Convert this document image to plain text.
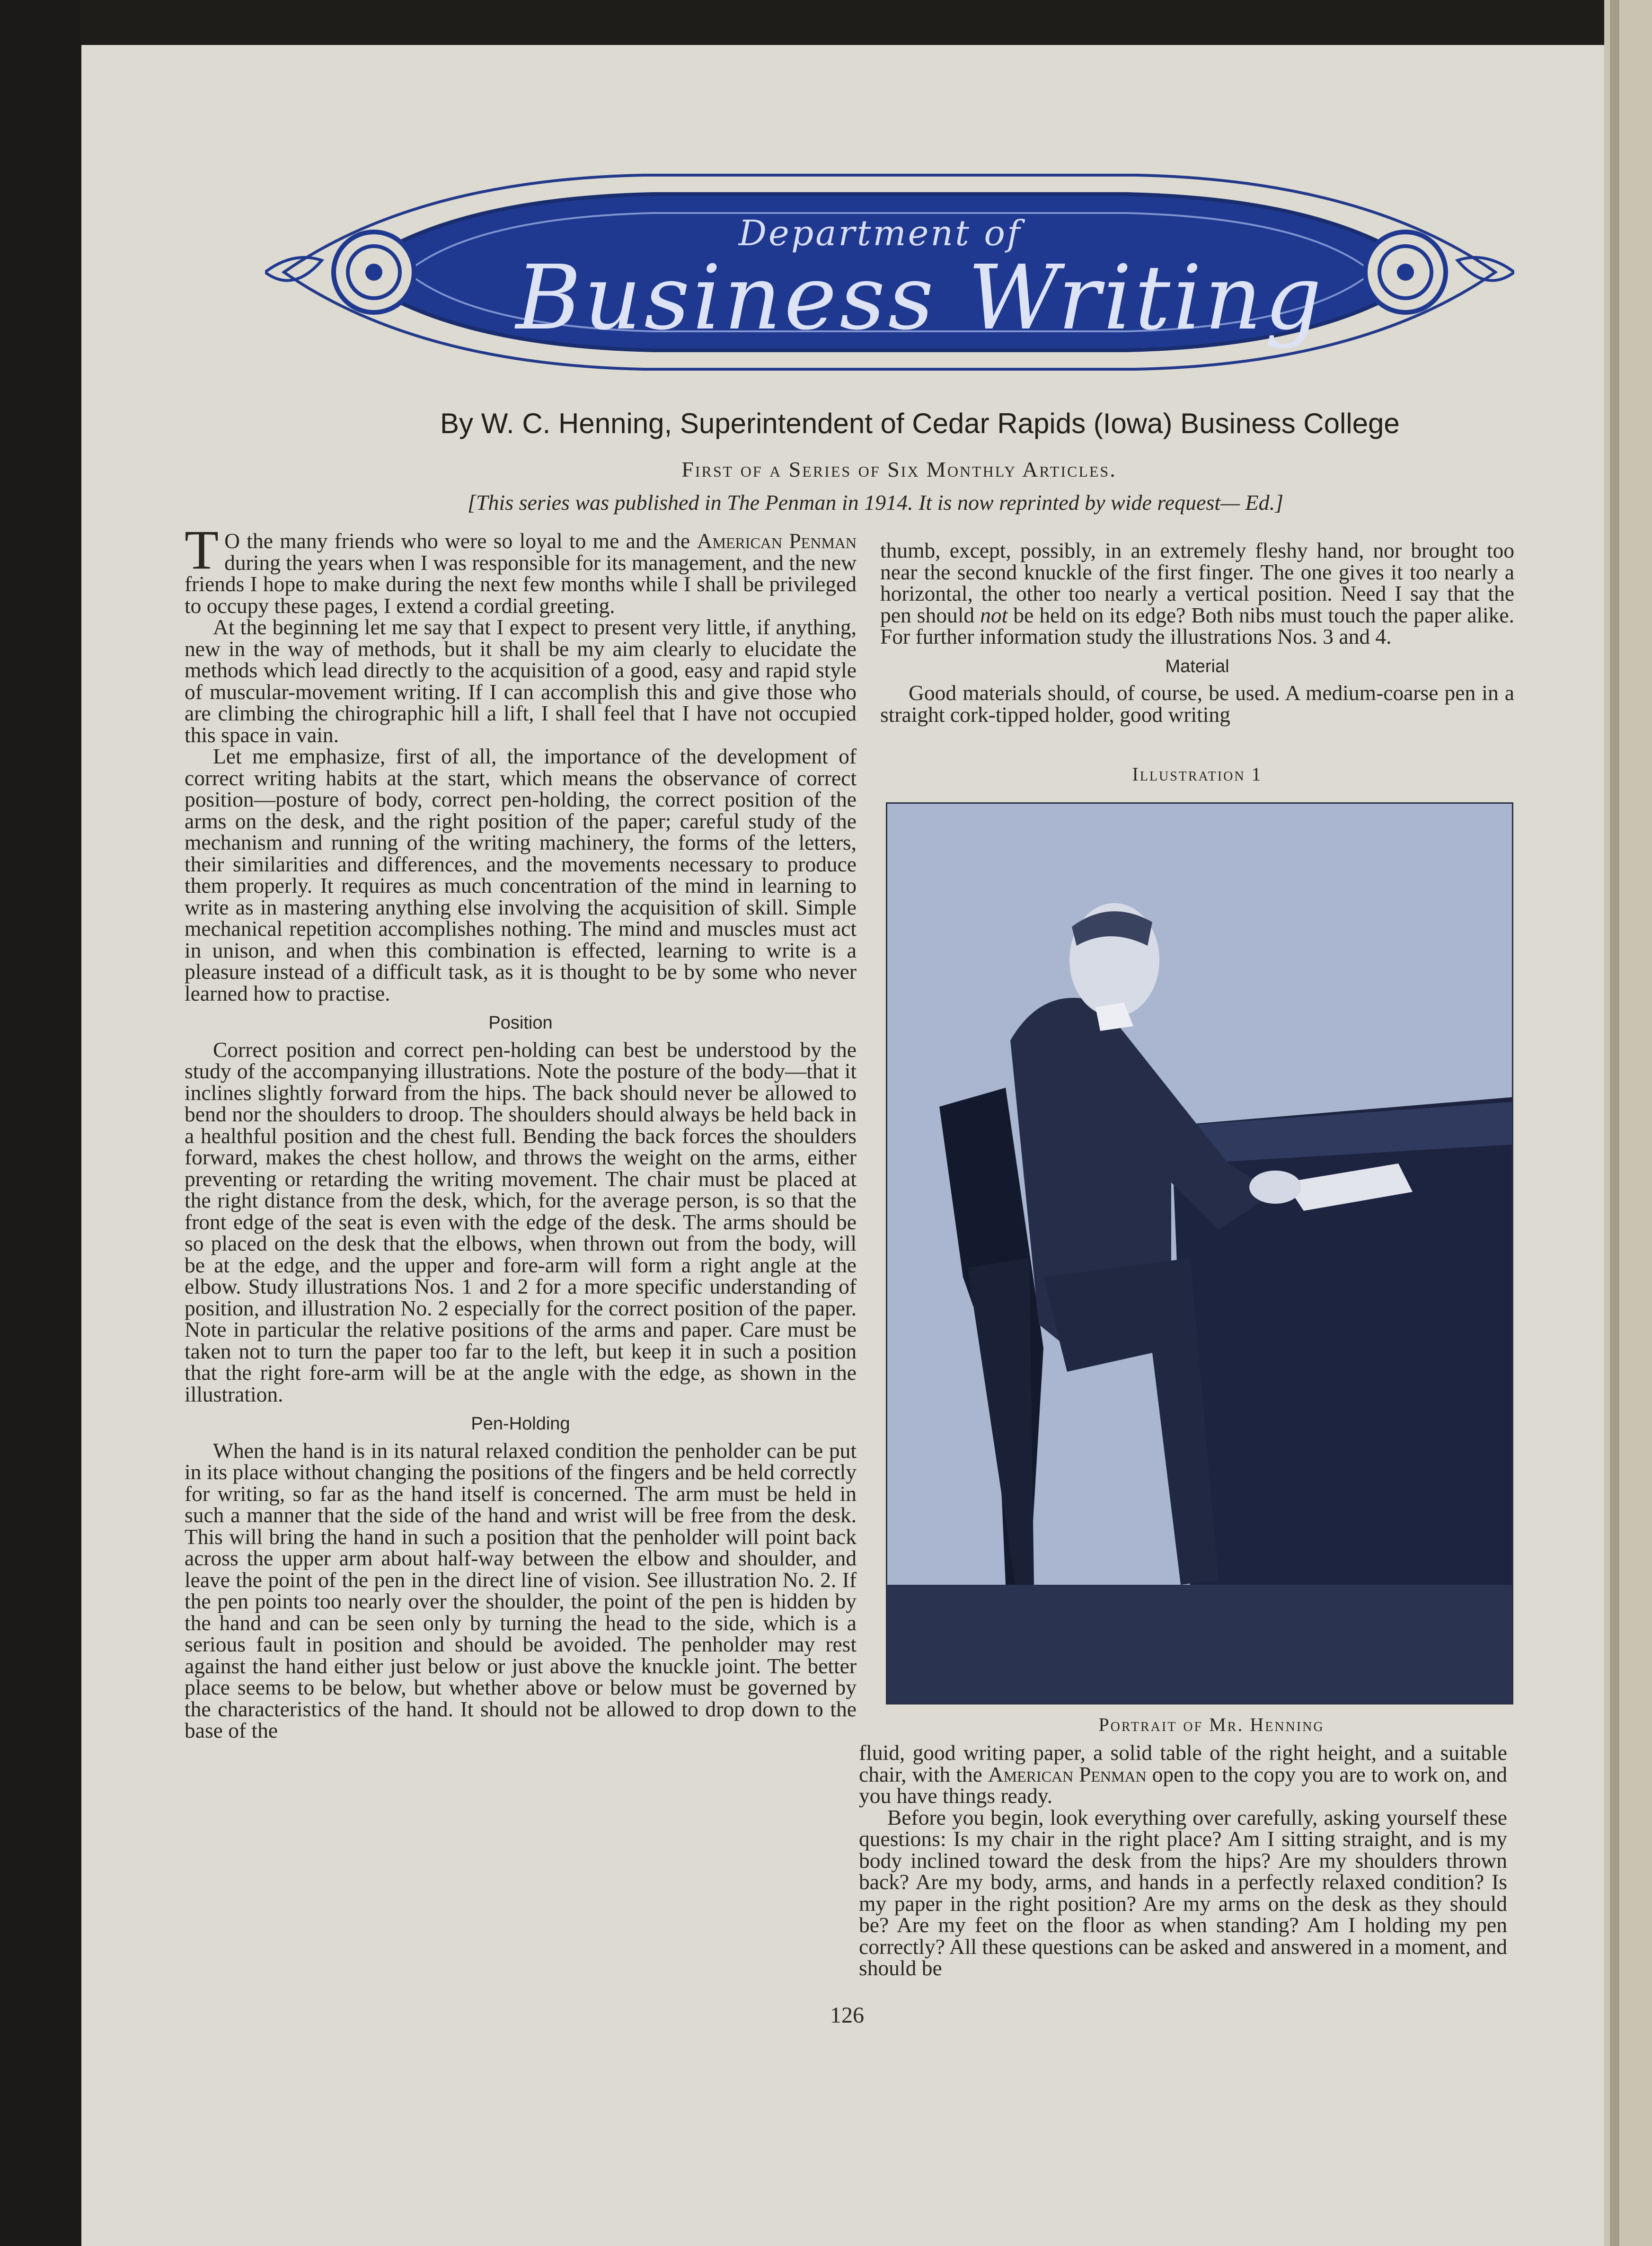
Department of
Business Writing
By W. C. Henning, Superintendent of Cedar Rapids (Iowa) Business College
First of a Series of Six Monthly Articles.
[This series was published in The Penman in 1914. It is now reprinted by wide request— Ed.]

T O the many friends who were so loyal to me and the American Penman during the years when I was responsible for its management, and the new friends I hope to make during the next few months while I shall be privileged to occupy these pages, I extend a cordial greeting.

At the beginning let me say that I expect to present very little, if anything, new in the way of methods, but it shall be my aim clearly to elucidate the methods which lead directly to the acquisition of a good, easy and rapid style of muscular-movement writing. If I can accomplish this and give those who are climbing the chirographic hill a lift, I shall feel that I have not occupied this space in vain.

Let me emphasize, first of all, the importance of the development of correct writing habits at the start, which means the observance of correct position—posture of body, correct pen-holding, the correct position of the arms on the desk, and the right position of the paper; careful study of the mechanism and running of the writing machinery, the forms of the letters, their similarities and differences, and the movements necessary to produce them properly. It requires as much concentration of the mind in learning to write as in mastering anything else involving the acquisition of skill. Simple mechanical repetition accomplishes nothing. The mind and muscles must act in unison, and when this combination is effected, learning to write is a pleasure instead of a difficult task, as it is thought to be by some who never learned how to practise.

Position

Correct position and correct pen-holding can best be understood by the study of the accompanying illustrations. Note the posture of the body—that it inclines slightly forward from the hips. The back should never be allowed to bend nor the shoulders to droop. The shoulders should always be held back in a healthful position and the chest full. Bending the back forces the shoulders forward, makes the chest hollow, and throws the weight on the arms, either preventing or retarding the writing movement. The chair must be placed at the right distance from the desk, which, for the average person, is so that the front edge of the seat is even with the edge of the desk. The arms should be so placed on the desk that the elbows, when thrown out from the body, will be at the edge, and the upper and fore-arm will form a right angle at the elbow. Study illustrations Nos. 1 and 2 for a more specific understanding of position, and illustration No. 2 especially for the correct position of the paper. Note in particular the relative positions of the arms and paper. Care must be taken not to turn the paper too far to the left, but keep it in such a position that the right fore-arm will be at the angle with the edge, as shown in the illustration.

Pen-Holding

When the hand is in its natural relaxed condition the penholder can be put in its place without changing the positions of the fingers and be held correctly for writing, so far as the hand itself is concerned. The arm must be held in such a manner that the side of the hand and wrist will be free from the desk. This will bring the hand in such a position that the penholder will point back across the upper arm about half-way between the elbow and shoulder, and leave the point of the pen in the direct line of vision. See illustration No. 2. If the pen points too nearly over the shoulder, the point of the pen is hidden by the hand and can be seen only by turning the head to the side, which is a serious fault in position and should be avoided. The penholder may rest against the hand either just below or just above the knuckle joint. The better place seems to be below, but whether above or below must be governed by the characteristics of the hand. It should not be allowed to drop down to the base of the

thumb, except, possibly, in an extremely fleshy hand, nor brought too near the second knuckle of the first finger. The one gives it too nearly a horizontal, the other too nearly a vertical position. Need I say that the pen should not be held on its edge? Both nibs must touch the paper alike. For further information study the illustrations Nos. 3 and 4.

Material

Good materials should, of course, be used. A medium-coarse pen in a straight cork-tipped holder, good writing

Illustration 1
Portrait of Mr. Henning

fluid, good writing paper, a solid table of the right height, and a suitable chair, with the American Penman open to the copy you are to work on, and you have things ready.

Before you begin, look everything over carefully, asking yourself these questions: Is my chair in the right place? Am I sitting straight, and is my body inclined toward the desk from the hips? Are my shoulders thrown back? Are my body, arms, and hands in a perfectly relaxed condition? Is my paper in the right position? Are my arms on the desk as they should be? Are my feet on the floor as when standing? Am I holding my pen correctly? All these questions can be asked and answered in a moment, and should be

126
